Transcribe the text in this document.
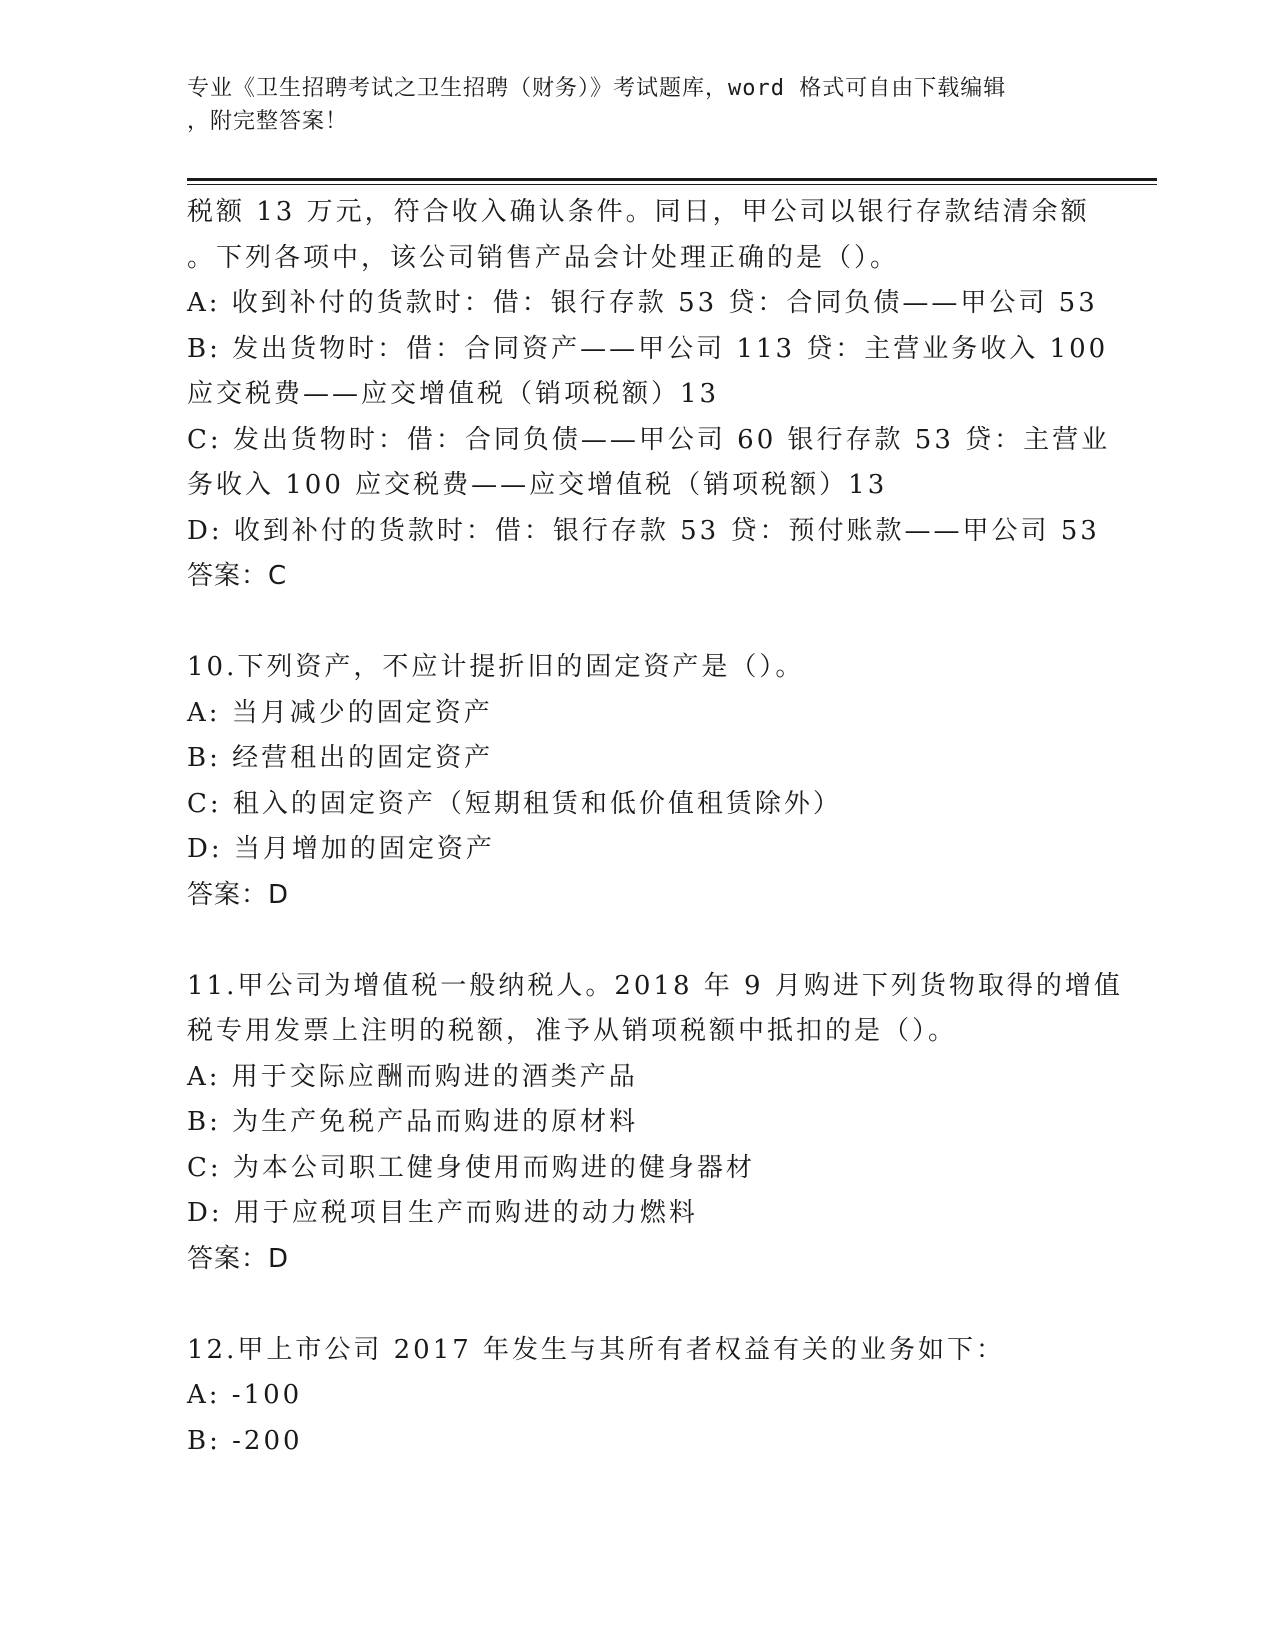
专业《卫生招聘考试之卫生招聘（财务）》考试题库，word 格式可自由下载编辑
，附完整答案！
税额 13 万元，符合收入确认条件。同日，甲公司以银行存款结清余额
。下列各项中，该公司销售产品会计处理正确的是（）。
A: 收到补付的货款时：借：银行存款 53 贷：合同负债——甲公司 53
B: 发出货物时：借：合同资产——甲公司 113 贷：主营业务收入 100
应交税费——应交增值税（销项税额）13
C: 发出货物时：借：合同负债——甲公司 60 银行存款 53 贷：主营业
务收入 100 应交税费——应交增值税（销项税额）13
D: 收到补付的货款时：借：银行存款 53 贷：预付账款——甲公司 53
答案：C
10.下列资产，不应计提折旧的固定资产是（）。
A: 当月减少的固定资产
B: 经营租出的固定资产
C: 租入的固定资产（短期租赁和低价值租赁除外）
D: 当月增加的固定资产
答案：D
11.甲公司为增值税一般纳税人。2018 年 9 月购进下列货物取得的增值
税专用发票上注明的税额，准予从销项税额中抵扣的是（）。
A: 用于交际应酬而购进的酒类产品
B: 为生产免税产品而购进的原材料
C: 为本公司职工健身使用而购进的健身器材
D: 用于应税项目生产而购进的动力燃料
答案：D
12.甲上市公司 2017 年发生与其所有者权益有关的业务如下：
A: -100
B: -200
